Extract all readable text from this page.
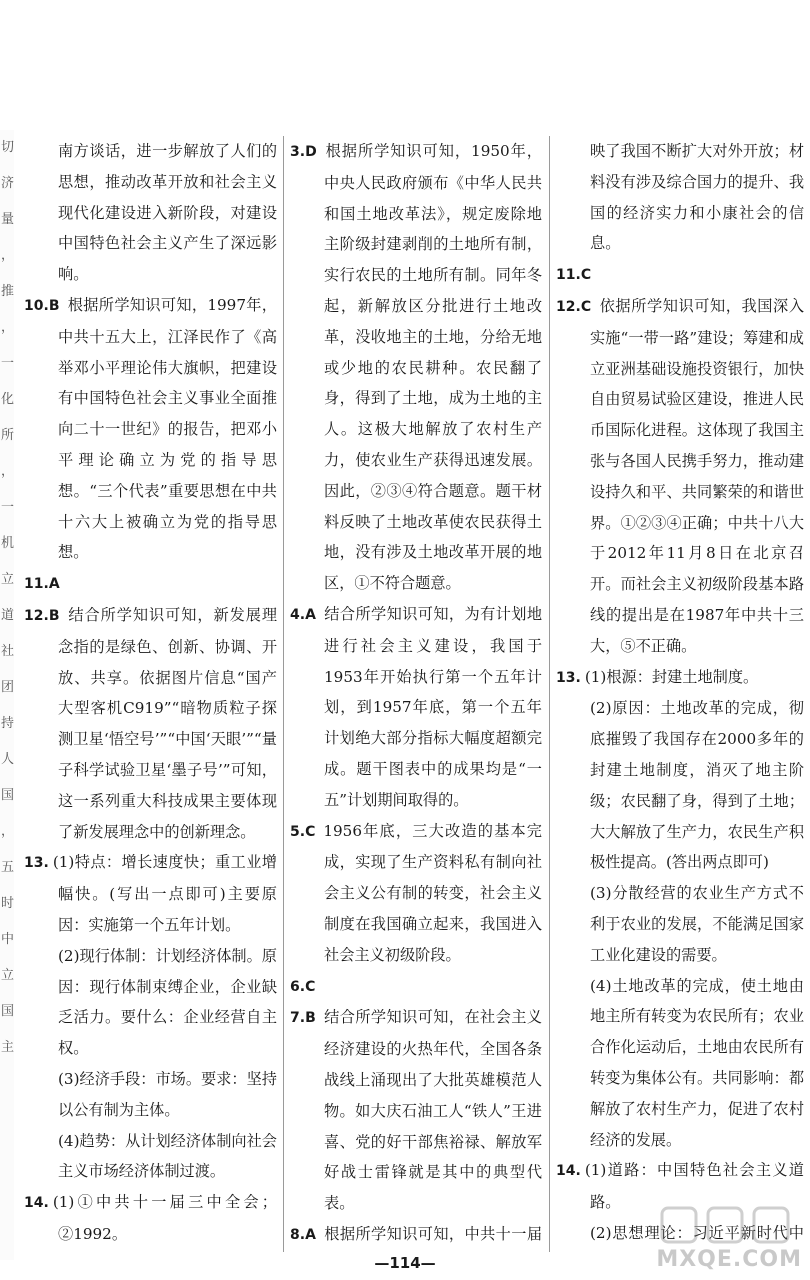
切
济
量
，
推
，
一
化
所
，
一
机
立
道
社
团
持
人
国
，
五
时
中
立
国
主

南方谈话，进一步解放了人们的思想，推动改革开放和社会主义现代化建设进入新阶段，对建设中国特色社会主义产生了深远影响。

10.B 根据所学知识可知，1997年，中共十五大上，江泽民作了《高举邓小平理论伟大旗帜，把建设有中国特色社会主义事业全面推向二十一世纪》的报告，把邓小平理论确立为党的指导思想。“三个代表”重要思想在中共十六大上被确立为党的指导思想。

11.A

12.B 结合所学知识可知，新发展理念指的是绿色、创新、协调、开放、共享。依据图片信息“国产大型客机C919”“暗物质粒子探测卫星‘悟空号’”“中国‘天眼’”“量子科学试验卫星‘墨子号’”可知，这一系列重大科技成果主要体现了新发展理念中的创新理念。

13. (1)特点：增长速度快；重工业增幅快。(写出一点即可)主要原因：实施第一个五年计划。

(2)现行体制：计划经济体制。原因：现行体制束缚企业，企业缺乏活力。要什么：企业经营自主权。

(3)经济手段：市场。要求：坚持以公有制为主体。

(4)趋势：从计划经济体制向社会主义市场经济体制过渡。

14. (1)①中共十一届三中全会；②1992。

3.D 根据所学知识可知，1950年，中央人民政府颁布《中华人民共和国土地改革法》，规定废除地主阶级封建剥削的土地所有制，实行农民的土地所有制。同年冬起，新解放区分批进行土地改革，没收地主的土地，分给无地或少地的农民耕种。农民翻了身，得到了土地，成为土地的主人。这极大地解放了农村生产力，使农业生产获得迅速发展。因此，②③④符合题意。题干材料反映了土地改革使农民获得土地，没有涉及土地改革开展的地区，①不符合题意。

4.A 结合所学知识可知，为有计划地进行社会主义建设，我国于1953年开始执行第一个五年计划，到1957年底，第一个五年计划绝大部分指标大幅度超额完成。题干图表中的成果均是“一五”计划期间取得的。

5.C 1956年底，三大改造的基本完成，实现了生产资料私有制向社会主义公有制的转变，社会主义制度在我国确立起来，我国进入社会主义初级阶段。

6.C

7.B 结合所学知识可知，在社会主义经济建设的火热年代，全国各条战线上涌现出了大批英雄模范人物。如大庆石油工人“铁人”王进喜、党的好干部焦裕禄、解放军好战士雷锋就是其中的典型代表。

8.A 根据所学知识可知，中共十一届

映了我国不断扩大对外开放；材料没有涉及综合国力的提升、我国的经济实力和小康社会的信息。

11.C

12.C 依据所学知识可知，我国深入实施“一带一路”建设；筹建和成立亚洲基础设施投资银行，加快自由贸易试验区建设，推进人民币国际化进程。这体现了我国主张与各国人民携手努力，推动建设持久和平、共同繁荣的和谐世界。①②③④正确；中共十八大于2012年11月8日在北京召开。而社会主义初级阶段基本路线的提出是在1987年中共十三大，⑤不正确。

13. (1)根源：封建土地制度。

(2)原因：土地改革的完成，彻底摧毁了我国存在2000多年的封建土地制度，消灭了地主阶级；农民翻了身，得到了土地；大大解放了生产力，农民生产积极性提高。(答出两点即可)

(3)分散经营的农业生产方式不利于农业的发展，不能满足国家工业化建设的需要。

(4)土地改革的完成，使土地由地主所有转变为农民所有；农业合作化运动后，土地由农民所有转变为集体公有。共同影响：都解放了农村生产力，促进了农村经济的发展。

14. (1)道路：中国特色社会主义道路。

(2)思想理论：习近平新时代中

—114—	MXQE.COM
